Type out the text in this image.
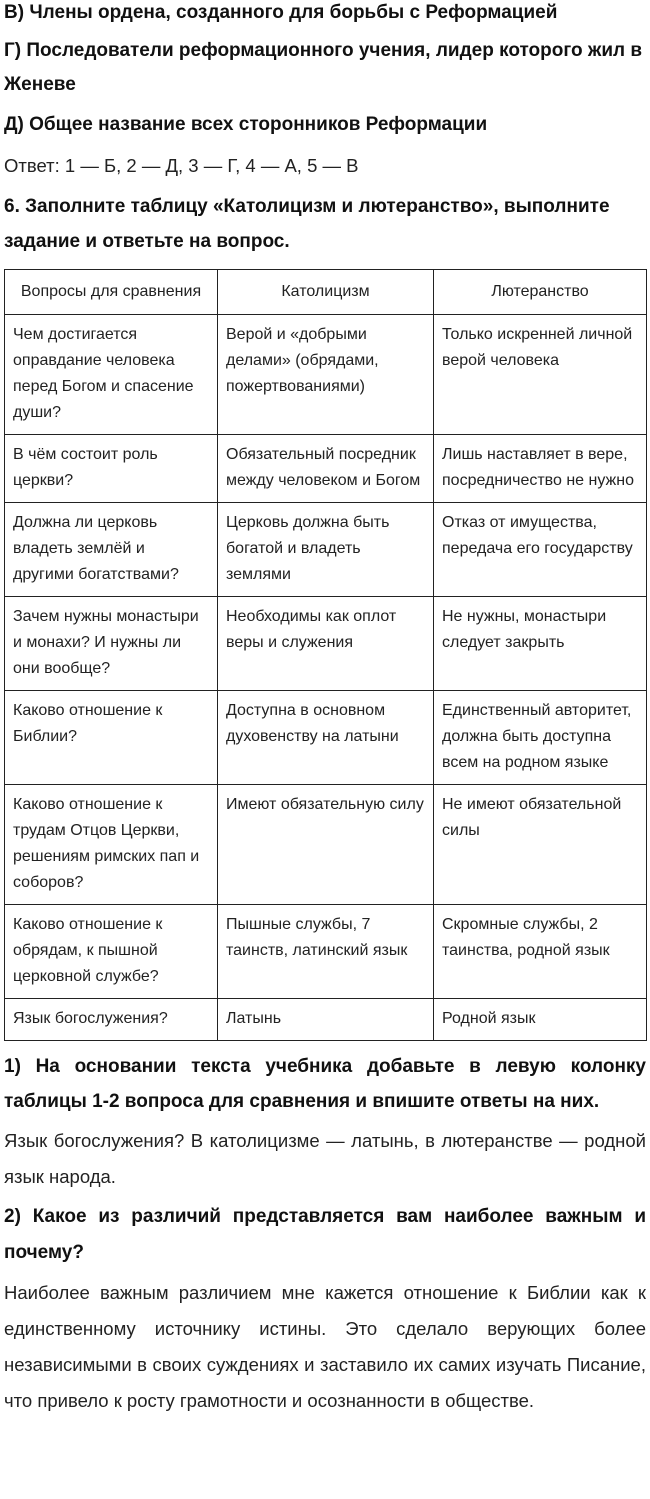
В) Члены ордена, созданного для борьбы с Реформацией

Г) Последователи реформационного учения, лидер которого жил в Женеве

Д) Общее название всех сторонников Реформации

Ответ: 1 — Б, 2 — Д, 3 — Г, 4 — А, 5 — В

6. Заполните таблицу «Католицизм и лютеранство», выполните задание и ответьте на вопрос.

Вопросы для сравнения	Католицизм	Лютеранство
Чем достигается оправдание человека перед Богом и спасение души?	Верой и «добрыми делами» (обрядами, пожертвованиями)	Только искренней личной верой человека
В чём состоит роль церкви?	Обязательный посредник между человеком и Богом	Лишь наставляет в вере, посредничество не нужно
Должна ли церковь владеть землёй и другими богатствами?	Церковь должна быть богатой и владеть землями	Отказ от имущества, передача его государству
Зачем нужны монастыри и монахи? И нужны ли они вообще?	Необходимы как оплот веры и служения	Не нужны, монастыри следует закрыть
Каково отношение к Библии?	Доступна в основном духовенству на латыни	Единственный авторитет, должна быть доступна всем на родном языке
Каково отношение к трудам Отцов Церкви, решениям римских пап и соборов?	Имеют обязательную силу	Не имеют обязательной силы
Каково отношение к обрядам, к пышной церковной службе?	Пышные службы, 7 таинств, латинский язык	Скромные службы, 2 таинства, родной язык
Язык богослужения?	Латынь	Родной язык

1) На основании текста учебника добавьте в левую колонку таблицы 1-2 вопроса для сравнения и впишите ответы на них.

Язык богослужения? В католицизме — латынь, в лютеранстве — родной язык народа.

2) Какое из различий представляется вам наиболее важным и почему?

Наиболее важным различием мне кажется отношение к Библии как к единственному источнику истины. Это сделало верующих более независимыми в своих суждениях и заставило их самих изучать Писание, что привело к росту грамотности и осознанности в обществе.
